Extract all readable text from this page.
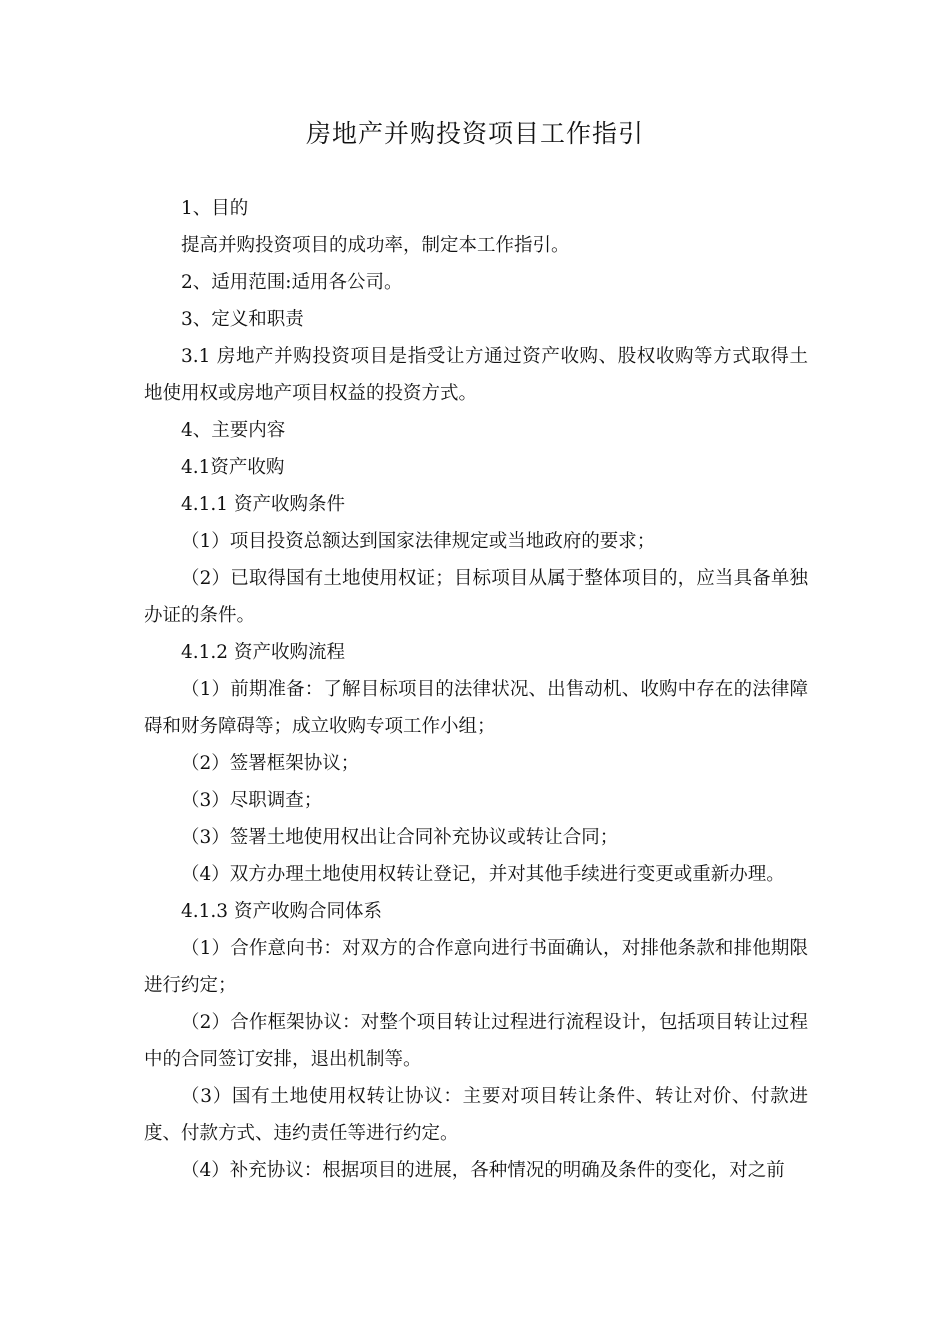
房地产并购投资项目工作指引

1、目的

提高并购投资项目的成功率，制定本工作指引。

2、适用范围:适用各公司。

3、定义和职责

3.1 房地产并购投资项目是指受让方通过资产收购、股权收购等方式取得土地使用权或房地产项目权益的投资方式。

4、主要内容

4.1资产收购

4.1.1 资产收购条件

（1）项目投资总额达到国家法律规定或当地政府的要求；

（2）已取得国有土地使用权证；目标项目从属于整体项目的，应当具备单独办证的条件。

4.1.2 资产收购流程

（1）前期准备：了解目标项目的法律状况、出售动机、收购中存在的法律障碍和财务障碍等；成立收购专项工作小组；

（2）签署框架协议；

（3）尽职调查；

（3）签署土地使用权出让合同补充协议或转让合同；

（4）双方办理土地使用权转让登记，并对其他手续进行变更或重新办理。

4.1.3 资产收购合同体系

（1）合作意向书：对双方的合作意向进行书面确认，对排他条款和排他期限进行约定；

（2）合作框架协议：对整个项目转让过程进行流程设计，包括项目转让过程中的合同签订安排，退出机制等。

（3）国有土地使用权转让协议：主要对项目转让条件、转让对价、付款进度、付款方式、违约责任等进行约定。

（4）补充协议：根据项目的进展，各种情况的明确及条件的变化，对之前
